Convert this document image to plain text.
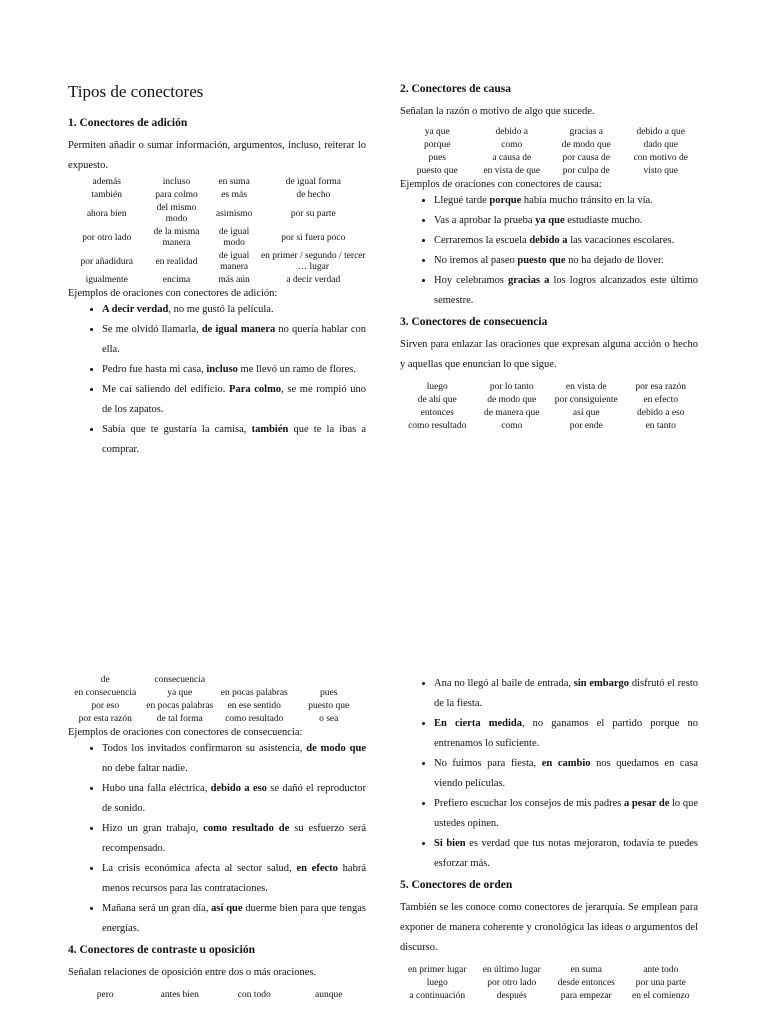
Tipos de conectores
1. Conectores de adición

Permiten añadir o sumar información, argumentos, incluso, reiterar lo expuesto.

además	incluso	en suma	de igual forma
también	para colmo	es más	de hecho
ahora bien	del mismo modo	asimismo	por su parte
por otro lado	de la misma manera	de igual modo	por si fuera poco
por añadidura	en realidad	de igual manera	en primer / segundo / tercer … lugar
igualmente	encima	más aún	a decir verdad

Ejemplos de oraciones con conectores de adición:

• A decir verdad, no me gustó la película.
• Se me olvidó llamarla, de igual manera no quería hablar con ella.
• Pedro fue hasta mi casa, incluso me llevó un ramo de flores.
• Me caí saliendo del edificio. Para colmo, se me rompió uno de los zapatos.
• Sabía que te gustaría la camisa, también que te la ibas a comprar.
2. Conectores de causa

Señalan la razón o motivo de algo que sucede.

ya que	debido a	gracias a	debido a que
porque	como	de modo que	dado que
pues	a causa de	por causa de	con motivo de
puesto que	en vista de que	por culpa de	visto que

Ejemplos de oraciones con conectores de causa:

• Llegué tarde porque había mucho tránsito en la vía.
• Vas a aprobar la prueba ya que estudiaste mucho.
• Cerraremos la escuela debido a las vacaciones escolares.
• No iremos al paseo puesto que no ha dejado de llover.
• Hoy celebramos gracias a los logros alcanzados este último semestre.
3. Conectores de consecuencia

Sirven para enlazar las oraciones que expresan alguna acción o hecho y aquellas que enuncian lo que sigue.

luego	por lo tanto	en vista de	por esa razón
de ahí que	de modo que	por consiguiente	en efecto
entonces	de manera que	así que	debido a eso
como resultado	como	por ende	en tanto
de	consecuencia		
en consecuencia	ya que	en pocas palabras	pues
por eso	en pocas palabras	en ese sentido	puesto que
por esta razón	de tal forma	como resultado	o sea

Ejemplos de oraciones con conectores de consecuencia:

• Todos los invitados confirmaron su asistencia, de modo que no debe faltar nadie.
• Hubo una falla eléctrica, debido a eso se dañó el reproductor de sonido.
• Hizo un gran trabajo, como resultado de su esfuerzo será recompensado.
• La crisis económica afecta al sector salud, en efecto habrá menos recursos para las contrataciones.
• Mañana será un gran día, así que duerme bien para que tengas energías.
4. Conectores de contraste u oposición

Señalan relaciones de oposición entre dos o más oraciones.

pero	antes bien	con todo	aunque
• Ana no llegó al baile de entrada, sin embargo disfrutó el resto de la fiesta.
• En cierta medida, no ganamos el partido porque no entrenamos lo suficiente.
• No fuimos para fiesta, en cambio nos quedamos en casa viendo películas.
• Prefiero escuchar los consejos de mis padres a pesar de lo que ustedes opinen.
• Si bien es verdad que tus notas mejoraron, todavía te puedes esforzar más.
5. Conectores de orden

También se les conoce como conectores de jerarquía. Se emplean para exponer de manera coherente y cronológica las ideas o argumentos del discurso.

en primer lugar	en último lugar	en suma	ante todo
luego	por otro lado	desde entonces	por una parte
a continuación	después	para empezar	en el comienzo
